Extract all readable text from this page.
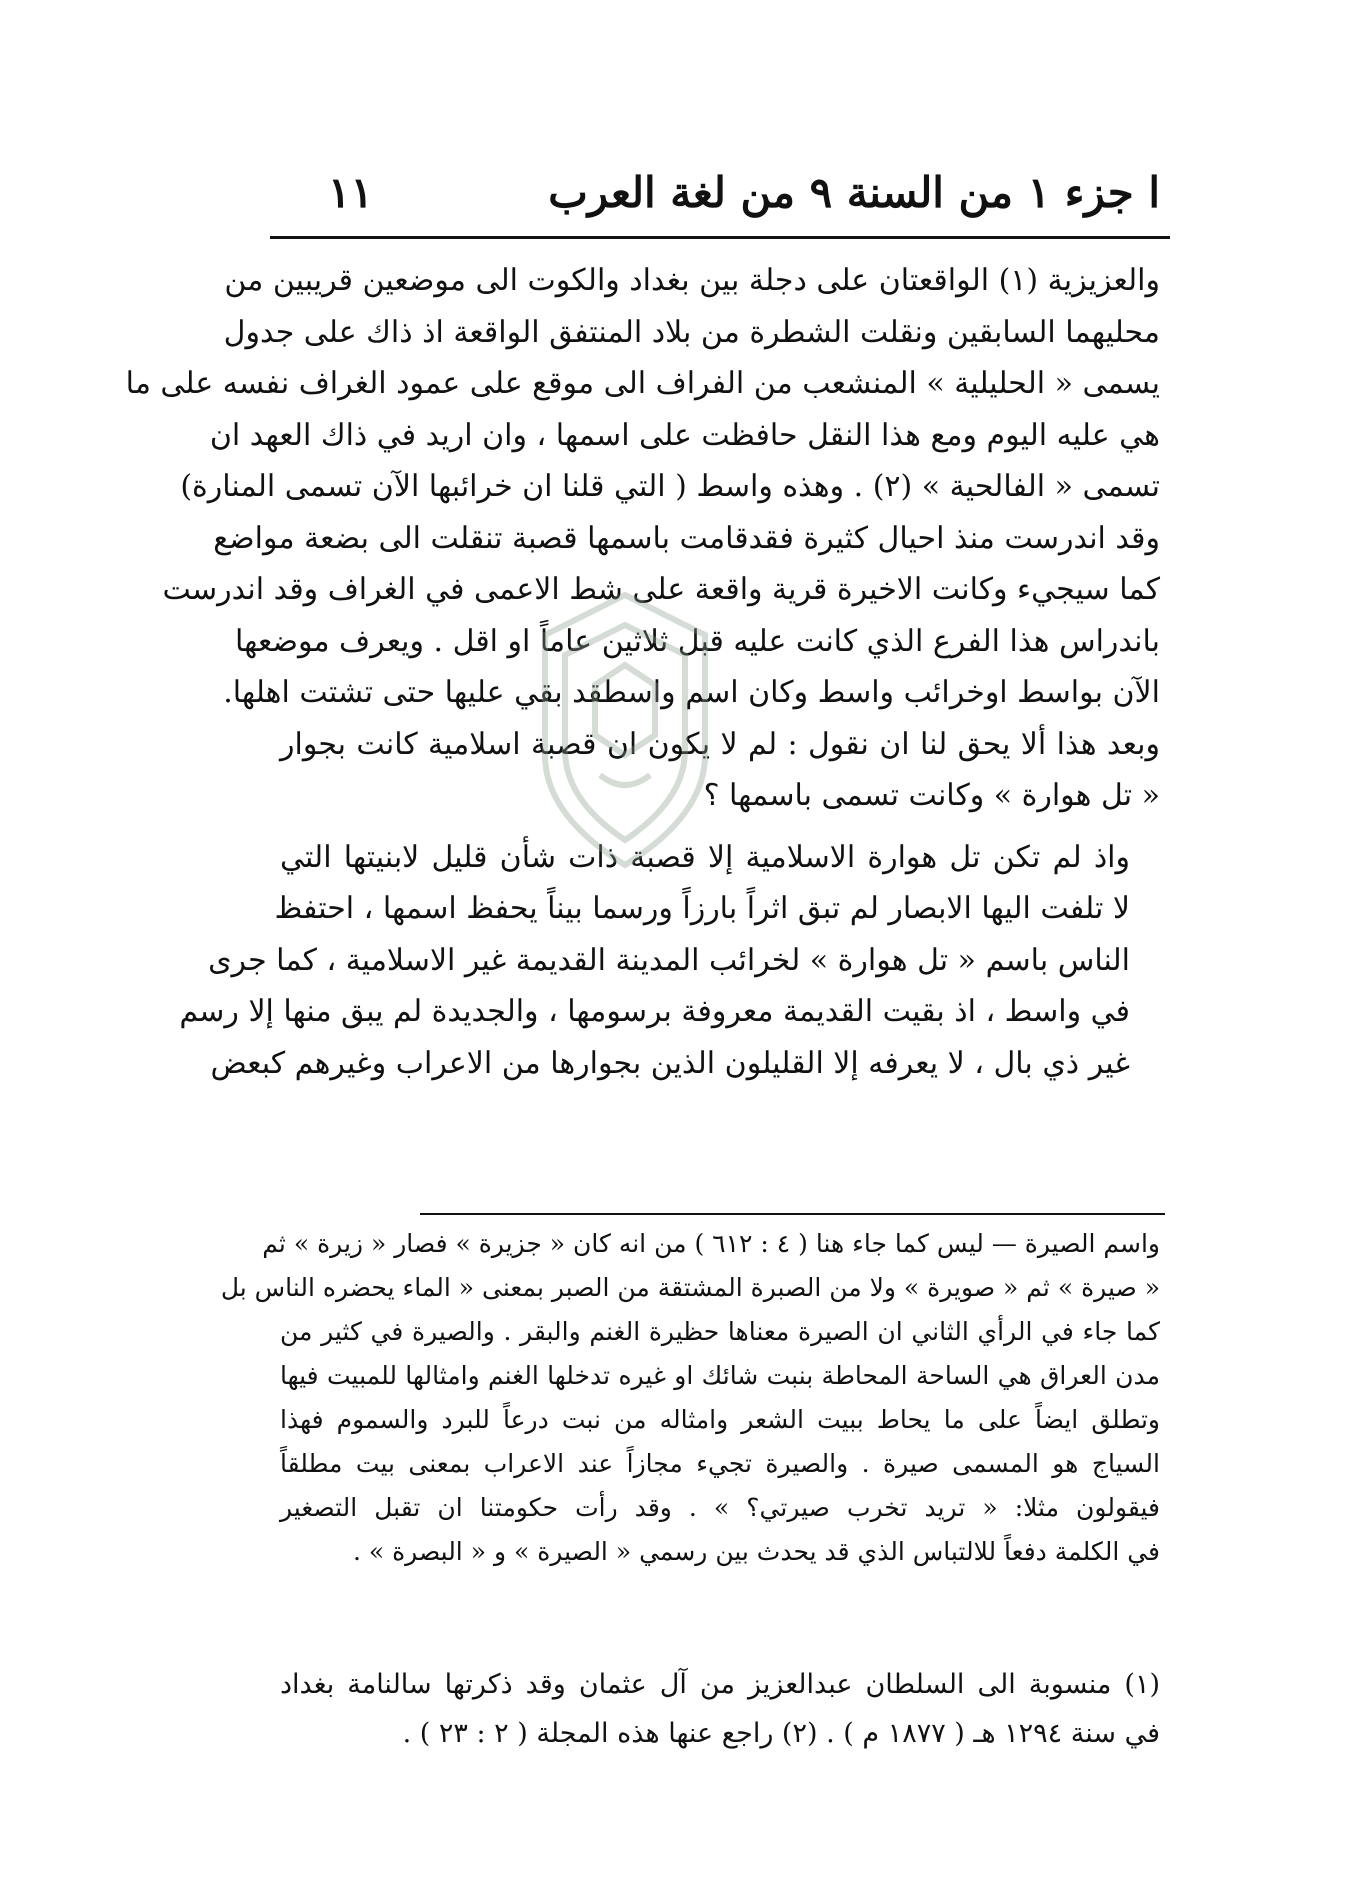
ا جزء ١ من السنة ٩ من لغة العرب
١١

والعزيزية (١) الواقعتان على دجلة بين بغداد والكوت الى موضعين قريبين من
محليهما السابقين ونقلت الشطرة من بلاد المنتفق الواقعة اذ ذاك على جدول
يسمى « الحليلية » المنشعب من الفراف الى موقع على عمود الغراف نفسه على ما
هي عليه اليوم ومع هذا النقل حافظت على اسمها ، وان اريد في ذاك العهد ان
تسمى « الفالحية » (٢) . وهذه واسط ( التي قلنا ان خرائبها الآن تسمى المنارة)
وقد اندرست منذ احيال كثيرة فقدقامت باسمها قصبة تنقلت الى بضعة مواضع
كما سيجيء وكانت الاخيرة قرية واقعة على شط الاعمى في الغراف وقد اندرست
باندراس هذا الفرع الذي كانت عليه قبل ثلاثين عاماً او اقل . ويعرف موضعها
الآن بواسط اوخرائب واسط وكان اسم واسطقد بقي عليها حتى تشتت اهلها.
وبعد هذا ألا يحق لنا ان نقول : لم لا يكون ان قصبة اسلامية كانت بجوار
« تل هوارة » وكانت تسمى باسمها ؟

واذ لم تكن تل هوارة الاسلامية إلا قصبة ذات شأن قليل لابنيتها التي
لا تلفت اليها الابصار لم تبق اثراً بارزاً ورسما بيناً يحفظ اسمها ، احتفظ
الناس باسم « تل هوارة » لخرائب المدينة القديمة غير الاسلامية ، كما جرى
في واسط ، اذ بقيت القديمة معروفة برسومها ، والجديدة لم يبق منها إلا رسم
غير ذي بال ، لا يعرفه إلا القليلون الذين بجوارها من الاعراب وغيرهم كبعض

واسم الصيرة — ليس كما جاء هنا ( ٤ : ٦١٢ ) من انه كان « جزيرة » فصار « زيرة » ثم
« صيرة » ثم « صويرة » ولا من الصبرة المشتقة من الصبر بمعنى « الماء يحضره الناس بل
كما جاء في الرأي الثاني ان الصيرة معناها حظيرة الغنم والبقر . والصيرة في كثير من
مدن العراق هي الساحة المحاطة بنبت شائك او غيره تدخلها الغنم وامثالها للمبيت فيها
وتطلق ايضاً على ما يحاط ببيت الشعر وامثاله من نبت درعاً للبرد والسموم فهذا
السياج هو المسمى صيرة . والصيرة تجيء مجازاً عند الاعراب بمعنى بيت مطلقاً
فيقولون مثلا: « تريد تخرب صيرتي؟ » . وقد رأت حكومتنا ان تقبل التصغير
في الكلمة دفعاً للالتباس الذي قد يحدث بين رسمي « الصيرة » و « البصرة » .
(١) منسوبة الى السلطان عبدالعزيز من آل عثمان وقد ذكرتها سالنامة بغداد
في سنة ١٢٩٤ هـ ( ١٨٧٧ م ) . (٢) راجع عنها هذه المجلة ( ٢ : ٢٣ ) .
